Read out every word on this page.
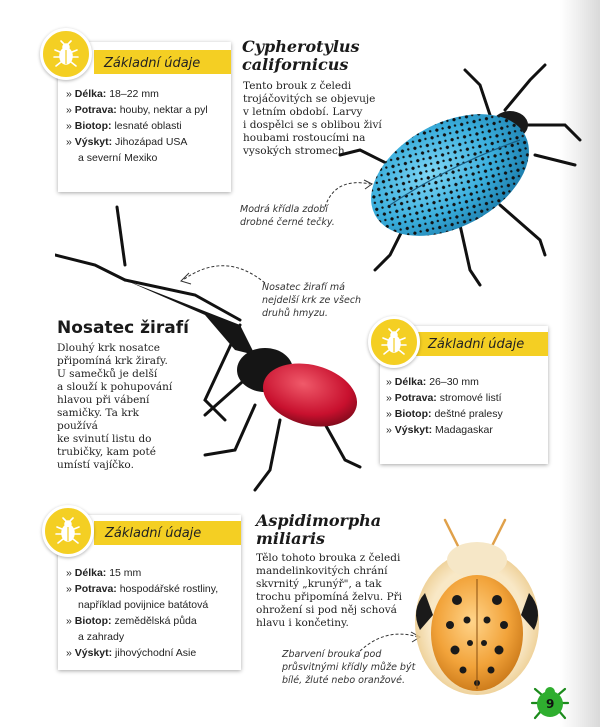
Základní údaje
» Délka: 18–22 mm
» Potrava: houby, nektar a pyl
» Biotop: lesnaté oblasti
» Výskyt: Jihozápad USA
a severní Mexiko
Cypherotylus
californicus
Tento brouk z čeledi
trojáčovitých se objevuje
v letním období. Larvy
i dospělci se s oblibou živí
houbami rostoucími na
vysokých stromech.
Modrá křídla zdobí
drobné černé tečky.
Nosatec žirafí
Dlouhý krk nosatce
připomíná krk žirafy.
U samečků je delší
a slouží k pohupování
hlavou při vábení
samičky. Ta krk používá
ke svinutí listu do
trubičky, kam poté
umístí vajíčko.
Nosatec žirafí má
nejdelší krk ze všech
druhů hmyzu.
Základní údaje
» Délka: 26–30 mm
» Potrava: stromové listí
» Biotop: deštné pralesy
» Výskyt: Madagaskar
Základní údaje
» Délka: 15 mm
» Potrava: hospodářské rostliny,
například povijnice batátová
» Biotop: zemědělská půda
a zahrady
» Výskyt: jihovýchodní Asie
Aspidimorpha
miliaris
Tělo tohoto brouka z čeledi
mandelinkovitých chrání
skvrnitý „krunýř", a tak
trochu připomíná želvu. Při
ohrožení si pod něj schová
hlavu i končetiny.
Zbarvení brouka pod
průsvitnými křídly může být
bílé, žluté nebo oranžové.
9
